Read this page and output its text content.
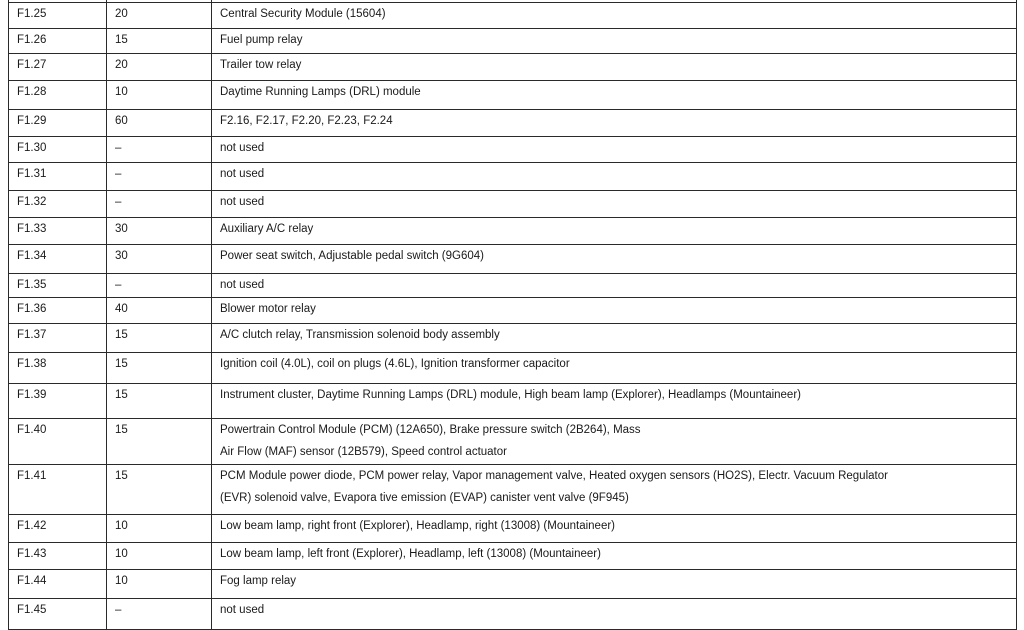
F1.25	20	Central Security Module (15604)

F1.26	15	Fuel pump relay

F1.27	20	Trailer tow relay

F1.28	10	Daytime Running Lamps (DRL) module

F1.29	60	F2.16, F2.17, F2.20, F2.23, F2.24

F1.30	–	not used

F1.31	–	not used

F1.32	–	not used

F1.33	30	Auxiliary A/C relay

F1.34	30	Power seat switch, Adjustable pedal switch (9G604)

F1.35	–	not used

F1.36	40	Blower motor relay

F1.37	15	A/C clutch relay, Transmission solenoid body assembly

F1.38	15	Ignition coil (4.0L), coil on plugs (4.6L), Ignition transformer capacitor

F1.39	15	Instrument cluster, Daytime Running Lamps (DRL) module, High beam lamp (Explorer), Headlamps (Mountaineer)

F1.40	15	Powertrain Control Module (PCM) (12A650), Brake pressure switch (2B264), Mass
Air Flow (MAF) sensor (12B579), Speed control actuator

F1.41	15	PCM Module power diode, PCM power relay, Vapor management valve, Heated oxygen sensors (HO2S), Electr. Vacuum Regulator
(EVR) solenoid valve, Evapora tive emission (EVAP) canister vent valve (9F945)

F1.42	10	Low beam lamp, right front (Explorer), Headlamp, right (13008) (Mountaineer)

F1.43	10	Low beam lamp, left front (Explorer), Headlamp, left (13008) (Mountaineer)

F1.44	10	Fog lamp relay

F1.45	–	not used
